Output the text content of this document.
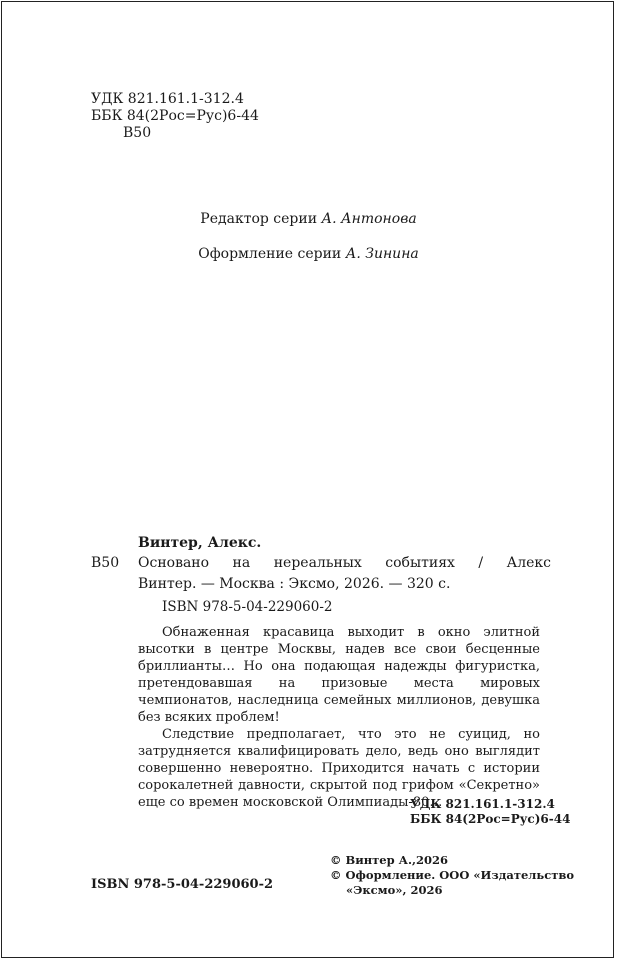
УДК 821.161.1-312.4
ББК 84(2Рос=Рус)6-44
В50
Редактор серии А. Антонова
Оформление серии А. Зинина
Винтер, Алекс.
В50 Основано на нереальных событиях / Алекс
Винтер. — Москва : Эксмо, 2026. — 320 с.
ISBN 978-5-04-229060-2

Обнаженная красавица выходит в окно элитной высотки в центре Москвы, надев все свои бесценные бриллианты… Но она подающая надежды фигуристка, претендовавшая на призовые места мировых чемпионатов, наследница семейных миллионов, девушка без всяких проблем!

Следствие предполагает, что это не суицид, но затрудняется квалифицировать дело, ведь оно выглядит совершенно невероятно. Приходится начать с истории сорокалетней давности, скрытой под грифом «Секретно» еще со времен московской Олимпиады-80…

УДК 821.161.1-312.4
ББК 84(2Рос=Рус)6-44
© Винтер А.,2026
© Оформление. ООО «Издательство
«Эксмо», 2026
ISBN 978-5-04-229060-2
